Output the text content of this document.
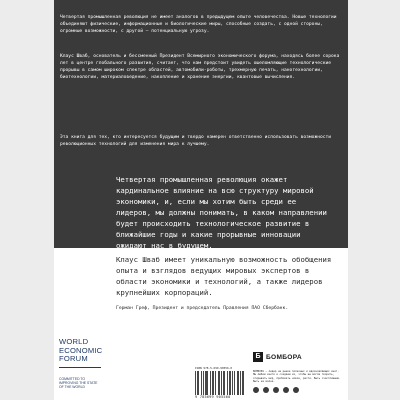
Четвертая промышленная революция не имеет аналогов в предыдущем опыте человечества. Новые технологии объединяют физические, информационные и биологические миры, способные создать, с одной стороны, огромные возможности, с другой – потенциальную угрозу.

Клаус Шваб, основатель и бессменный Президент Всемирного экономического форума, находясь более сорока лет в центре глобального развития, считает, что нам предстоит увидеть ошеломляющие технологические прорывы в самом широком спектре областей, автомобили-роботы, трехмерную печать, нанотехнологии, биотехнологии, материаловедение, накопление и хранение энергии, квантовые вычисления.

Эта книга для тех, кто интересуется будущим и твердо намерен ответственно использовать возможности революционных технологий для изменения мира к лучшему.

Четвертая промышленная революция окажет кардинальное влияние на всю структуру мировой экономики, и, если мы хотим быть среди ее лидеров, мы должны понимать, в каком направлении будет происходить технологическое развитие в ближайшие годы и какие прорывные инновации ожидают нас в будущем.

Клаус Шваб имеет уникальную возможность обобщения опыта и взглядов ведущих мировых экспертов в области экономики и технологий, а также лидеров крупнейших корпораций.

Герман Греф, Президент и председатель Правления ПАО Сбербанк.
WORLD
ECONOMIC
FORUM
COMMITTED TO
IMPROVING THE STATE
OF THE WORLD
ISBN 978-5-699-90556-0
9 785699 905560
Б БОМБОРА
БОМБОРА – лидер на рынке полезных и вдохновляющих книг. Мы любим книги и создаем их, чтобы вы могли творить, открывать мир, пробовать новое, расти. Быть счастливыми. Быть на волне.
